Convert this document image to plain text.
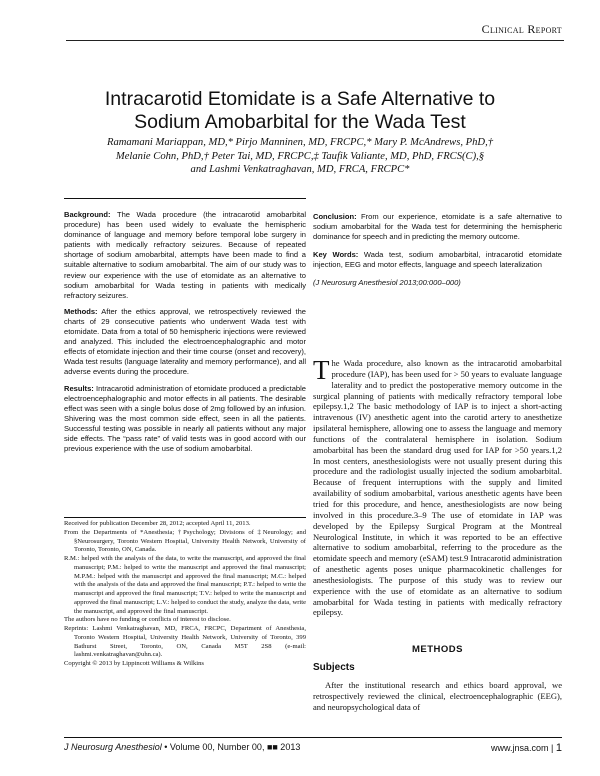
Clinical Report
Intracarotid Etomidate is a Safe Alternative to
Sodium Amobarbital for the Wada Test
Ramamani Mariappan, MD,* Pirjo Manninen, MD, FRCPC,* Mary P. McAndrews, PhD,†
Melanie Cohn, PhD,† Peter Tai, MD, FRCPC,‡ Taufik Valiante, MD, PhD, FRCS(C),§
and Lashmi Venkatraghavan, MD, FRCA, FRCPC*

Background: The Wada procedure (the intracarotid amobarbital procedure) has been used widely to evaluate the hemispheric dominance of language and memory before temporal lobe surgery in patients with medically refractory seizures. Because of repeated shortage of sodium amobarbital, attempts have been made to find a suitable alternative to sodium amobarbital. The aim of our study was to review our experience with the use of etomidate as an alternative to sodium amobarbital for Wada testing in patients with medically refractory seizures.

Methods: After the ethics approval, we retrospectively reviewed the charts of 29 consecutive patients who underwent Wada test with etomidate. Data from a total of 50 hemispheric injections were reviewed and analyzed. This included the electroencephalographic and motor effects of etomidate injection and their time course (onset and recovery), Wada test results (language laterality and memory performance), and all adverse events during the procedure.

Results: Intracarotid administration of etomidate produced a predictable electroencephalographic and motor effects in all patients. The desirable effect was seen with a single bolus dose of 2mg followed by an infusion. Shivering was the most common side effect, seen in all the patients. Successful testing was possible in nearly all patients without any major side effects. The “pass rate” of valid tests was in good accord with our previous experience with the use of sodium amobarbital.

Conclusion: From our experience, etomidate is a safe alternative to sodium amobarbital for the Wada test for determining the hemispheric dominance for speech and in predicting the memory outcome.

Key Words: Wada test, sodium amobarbital, intracarotid etomidate injection, EEG and motor effects, language and speech lateralization

(J Neurosurg Anesthesiol 2013;00:000–000)

The Wada procedure, also known as the intracarotid amobarbital procedure (IAP), has been used for > 50 years to evaluate language laterality and to predict the postoperative memory outcome in the surgical planning of patients with medically refractory temporal lobe epilepsy.1,2 The basic methodology of IAP is to inject a short-acting intravenous (IV) anesthetic agent into the carotid artery to anesthetize ipsilateral hemisphere, allowing one to assess the language and memory functions of the contralateral hemisphere in isolation. Sodium amobarbital has been the standard drug used for IAP for >50 years.1,2 In most centers, anesthesiologists were not usually present during this procedure and the radiologist usually injected the sodium amobarbital. Because of frequent interruptions with the supply and limited availability of sodium amobarbital, various anesthetic agents have been tried for this procedure, and hence, anesthesiologists are now being involved in this procedure.3–9 The use of etomidate in IAP was developed by the Epilepsy Surgical Program at the Montreal Neurological Institute, in which it was reported to be an effective alternative to sodium amobarbital, referring to the procedure as the etomidate speech and memory (eSAM) test.9 Intracarotid administration of anesthetic agents poses unique pharmacokinetic challenges for anesthesiologists. The purpose of this study was to review our experience with the use of etomidate as an alternative to sodium amobarbital for Wada testing in patients with medically refractory epilepsy.

METHODS
Subjects
After the institutional research and ethics board approval, we retrospectively reviewed the clinical, electroencephalographic (EEG), and neuropsychological data of

Received for publication December 28, 2012; accepted April 11, 2013.

From the Departments of *Anesthesia; †Psychology; Divisions of ‡Neurology; and §Neurosurgery, Toronto Western Hospital, University Health Network, University of Toronto, Toronto, ON, Canada.

R.M.: helped with the analysis of the data, to write the manuscript, and approved the final manuscript; P.M.: helped to write the manuscript and approved the final manuscript; M.P.M.: helped with the manuscript and approved the final manuscript; M.C.: helped with the analysis of the data and approved the final manuscript; P.T.: helped to write the manuscript and approved the final manuscript; T.V.: helped to write the manuscript and approved the final manuscript; L.V.: helped to conduct the study, analyze the data, write the manuscript, and approved the final manuscript.

The authors have no funding or conflicts of interest to disclose.

Reprints: Lashmi Venkatraghavan, MD, FRCA, FRCPC, Department of Anesthesia, Toronto Western Hospital, University Health Network, University of Toronto, 399 Bathurst Street, Toronto, ON, Canada M5T 2S8 (e-mail: lashmi.venkatraghavan@uhn.ca).

Copyright © 2013 by Lippincott Williams & Wilkins

J Neurosurg Anesthesiol • Volume 00, Number 00, ■■ 2013	www.jnsa.com | 1
